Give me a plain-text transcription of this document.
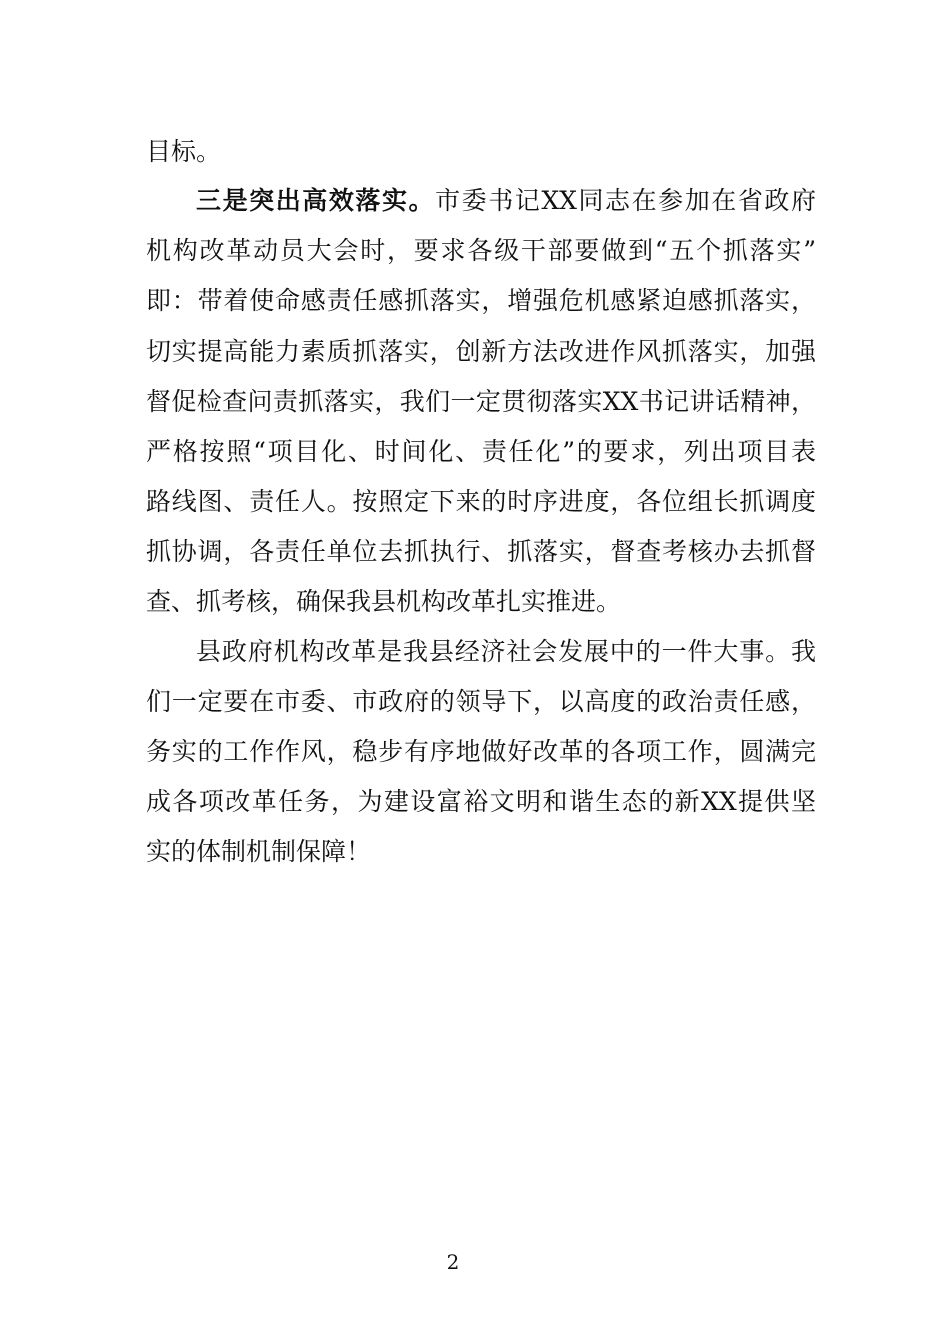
目标。
三是突出高效落实。市委书记XX同志在参加在省政府
机构改革动员大会时，要求各级干部要做到“五个抓落实”
即：带着使命感责任感抓落实，增强危机感紧迫感抓落实，
切实提高能力素质抓落实，创新方法改进作风抓落实，加强
督促检查问责抓落实，我们一定贯彻落实XX书记讲话精神，
严格按照“项目化、时间化、责任化”的要求，列出项目表
路线图、责任人。按照定下来的时序进度，各位组长抓调度
抓协调，各责任单位去抓执行、抓落实，督查考核办去抓督
查、抓考核，确保我县机构改革扎实推进。
县政府机构改革是我县经济社会发展中的一件大事。我
们一定要在市委、市政府的领导下，以高度的政治责任感，
务实的工作作风，稳步有序地做好改革的各项工作，圆满完
成各项改革任务，为建设富裕文明和谐生态的新XX提供坚
实的体制机制保障！
2
